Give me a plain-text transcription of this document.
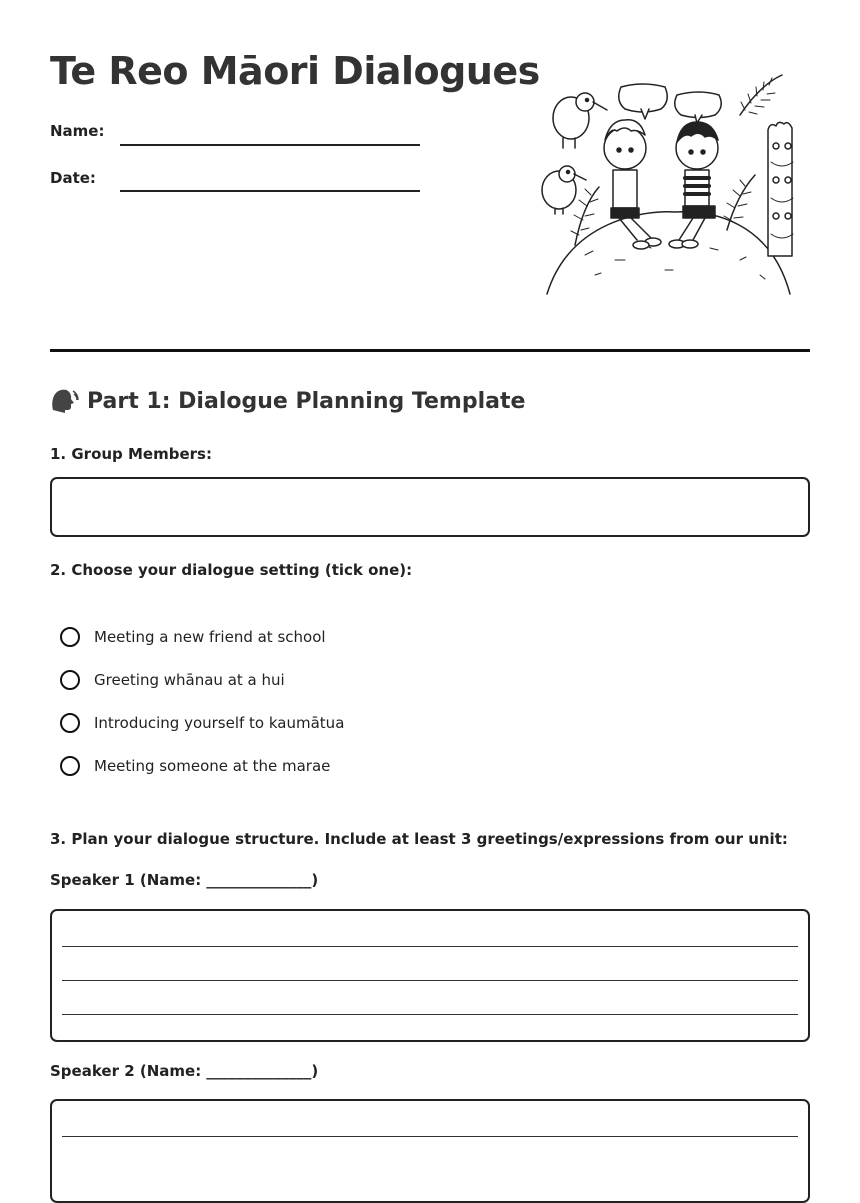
Te Reo Māori Dialogues
Name:
Date:
Part 1: Dialogue Planning Template
1. Group Members:
2. Choose your dialogue setting (tick one):
Meeting a new friend at school
Greeting whānau at a hui
Introducing yourself to kaumātua
Meeting someone at the marae
3. Plan your dialogue structure. Include at least 3 greetings/expressions from our unit:
Speaker 1 (Name: ______________)
Speaker 2 (Name: ______________)
